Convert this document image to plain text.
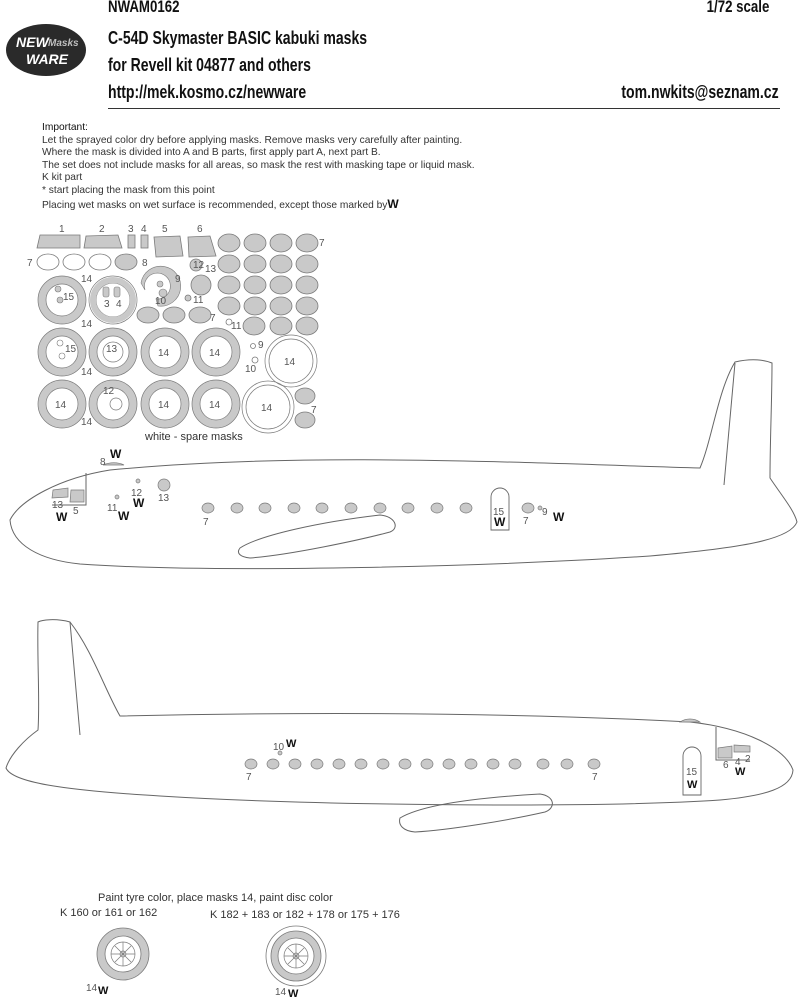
NEW Masks
WARE
NWAM0162	1/72 scale
C-54D Skymaster BASIC kabuki masks
for Revell kit 04877 and others
http://mek.kosmo.cz/newware	tom.nwkits@seznam.cz
Important:
Let the sprayed color dry before applying masks. Remove masks very carefully after painting.
Where the mask is divided into A and B parts, first apply part A, next part B.
The set does not include masks for all areas, so mask the rest with masking tape or liquid mask.
K kit part
* start placing the mask from this point
Placing wet masks on wet surface is recommended, except those marked byW
1	2 3 4 5	6
7
7	8	12 13
9
10	11
7
11
14
14
14
14
15
3 4
15	13	14	14
9
10
14
14
12
14	14	14	7
white - spare masks
8
13
5	11
12 13
7
15
7
9
W
W	W
W
W	W
10
7	7	15
6 4 2
W
W
W
Paint tyre color, place masks 14, paint disc color
K 160 or 161 or 162	K 182 + 183 or 182 + 178 or 175 + 176
14	14
W	W
